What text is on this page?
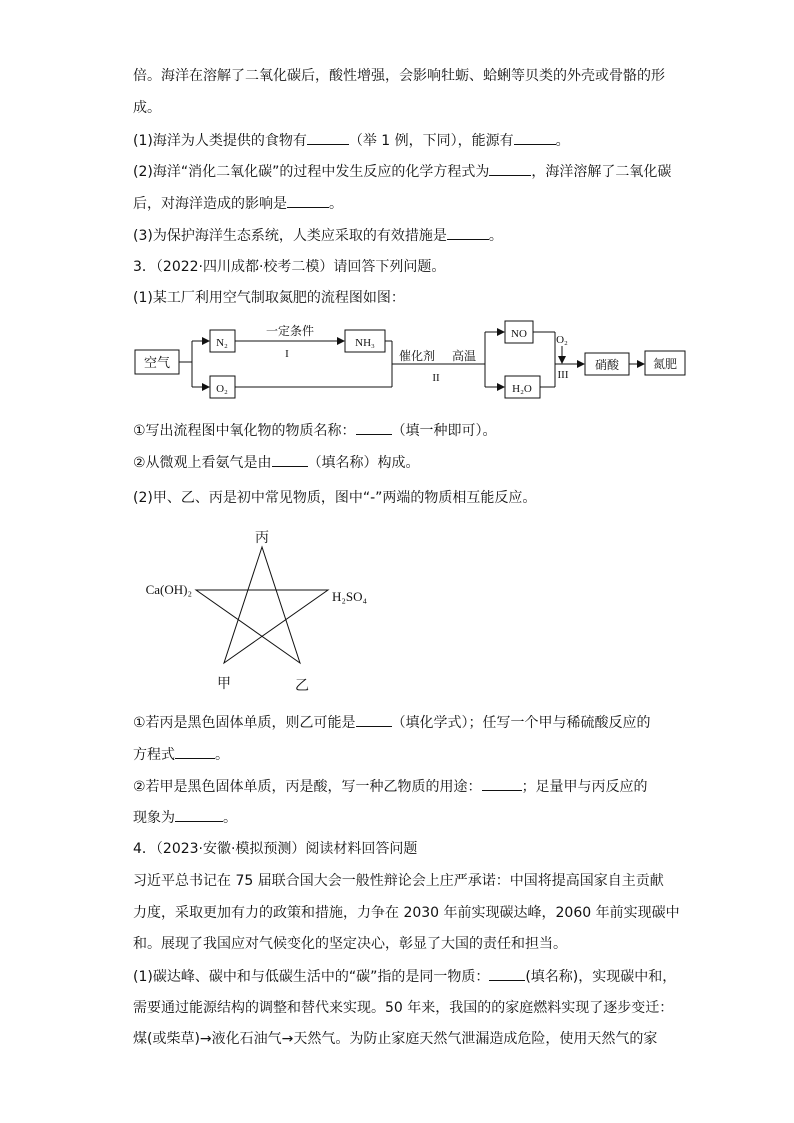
倍。海洋在溶解了二氧化碳后，酸性增强，会影响牡蛎、蛤蜊等贝类的外壳或骨骼的形
成。
(1)海洋为人类提供的食物有	（举 1 例，下同），能源有	。
(2)海洋“消化二氧化碳”的过程中发生反应的化学方程式为	，海洋溶解了二氧化碳
后，对海洋造成的影响是	。
(3)为保护海洋生态系统，人类应采取的有效措施是	。
3．（2022·四川成都·校考二模）请回答下列问题。
(1)某工厂利用空气制取氮肥的流程图如图：
空气
N₂
O₂
NH₃
NO
H₂O
硝酸	氮肥
一定条件
I	催化剂 高温
II
O₂
III
①写出流程图中氧化物的物质名称：	（填一种即可）。
②从微观上看氨气是由	（填名称）构成。
(2)甲、乙、丙是初中常见物质，图中“-”两端的物质相互能反应。
丙
Ca(OH)₂	H₂SO₄
甲	乙
①若丙是黑色固体单质，则乙可能是	（填化学式）；任写一个甲与稀硫酸反应的
方程式	。
②若甲是黑色固体单质，丙是酸，写一种乙物质的用途：	；足量甲与丙反应的
现象为	。
4．（2023·安徽·模拟预测）阅读材料回答问题
习近平总书记在 75 届联合国大会一般性辩论会上庄严承诺：中国将提高国家自主贡献
力度，采取更加有力的政策和措施，力争在 2030 年前实现碳达峰，2060 年前实现碳中
和。展现了我国应对气候变化的坚定决心，彰显了大国的责任和担当。
(1)碳达峰、碳中和与低碳生活中的“碳”指的是同一物质：	(填名称)，实现碳中和，
需要通过能源结构的调整和替代来实现。50 年来，我国的的家庭燃料实现了逐步变迁：
煤(或柴草)→液化石油气→天然气。为防止家庭天然气泄漏造成危险，使用天然气的家
